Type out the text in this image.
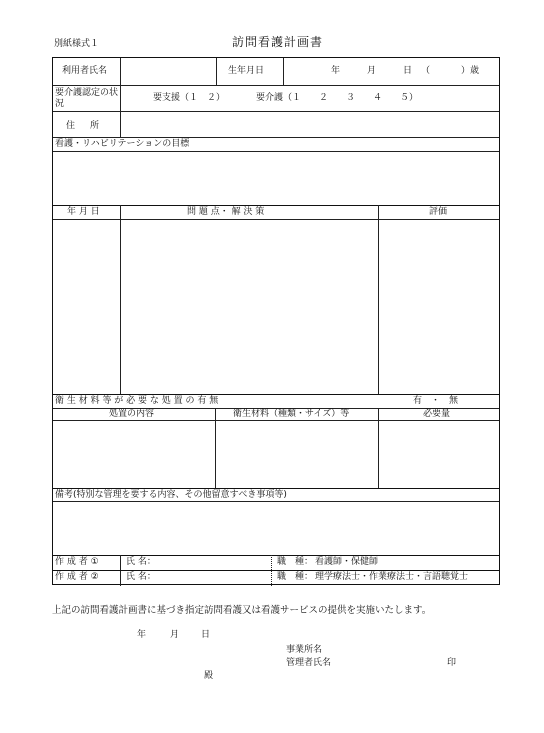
別紙様式１	訪問看護計画書
利用者氏名	生年月日	年	月	日 （	）歳
要介護認定の状況
要支援（１　２）	要介護（１　　２　　３　　４　　５）
住　所
看護・リハビリテーションの目標
年 月 日	問 題 点・ 解 決 策	評価
衛 生 材 料 等 が 必 要 な 処 置 の 有 無	有　・　無
処置の内容	衛生材料（種類・サイズ）等	必要量
備考(特別な管理を要する内容、その他留意すべき事項等)
作 成 者 ①	氏 名：	職　種： 看護師・保健師
作 成 者 ②	氏 名：	職　種： 理学療法士・作業療法士・言語聴覚士
上記の訪問看護計画書に基づき指定訪問看護又は看護サービスの提供を実施いたします。
年	月 日
事業所名
管理者氏名	印
殿
